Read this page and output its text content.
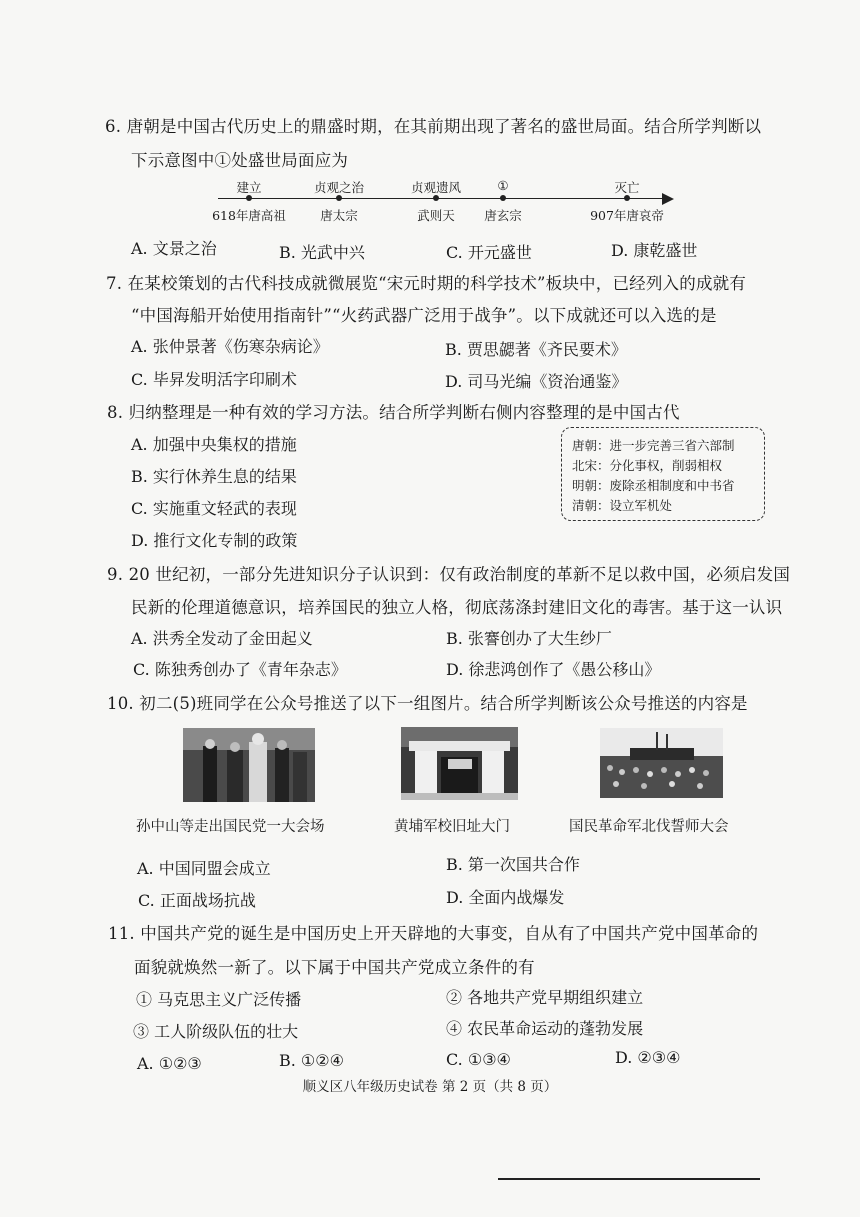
6. 唐朝是中国古代历史上的鼎盛时期，在其前期出现了著名的盛世局面。结合所学判断以
下示意图中①处盛世局面应为
建立	贞观之治	贞观遗风	①	灭亡
618年唐高祖	唐太宗	武则天 唐玄宗	907年唐哀帝
A. 文景之治	B. 光武中兴	C. 开元盛世	D. 康乾盛世
7. 在某校策划的古代科技成就微展览“宋元时期的科学技术”板块中，已经列入的成就有
“中国海船开始使用指南针”“火药武器广泛用于战争”。以下成就还可以入选的是
A. 张仲景著《伤寒杂病论》	B. 贾思勰著《齐民要术》
C. 毕昇发明活字印刷术	D. 司马光编《资治通鉴》
8. 归纳整理是一种有效的学习方法。结合所学判断右侧内容整理的是中国古代
A. 加强中央集权的措施
B. 实行休养生息的结果
C. 实施重文轻武的表现
D. 推行文化专制的政策
唐朝：进一步完善三省六部制
北宋：分化事权，削弱相权
明朝：废除丞相制度和中书省
清朝：设立军机处
9. 20 世纪初，一部分先进知识分子认识到：仅有政治制度的革新不足以救中国，必须启发国
民新的伦理道德意识，培养国民的独立人格，彻底荡涤封建旧文化的毒害。基于这一认识
A. 洪秀全发动了金田起义	B. 张謇创办了大生纱厂
C. 陈独秀创办了《青年杂志》	D. 徐悲鸿创作了《愚公移山》
10. 初二(5)班同学在公众号推送了以下一组图片。结合所学判断该公众号推送的内容是
孙中山等走出国民党一大会场	黄埔军校旧址大门	国民革命军北伐誓师大会
A. 中国同盟会成立	B. 第一次国共合作
C. 正面战场抗战	D. 全面内战爆发
11. 中国共产党的诞生是中国历史上开天辟地的大事变，自从有了中国共产党中国革命的
面貌就焕然一新了。以下属于中国共产党成立条件的有
① 马克思主义广泛传播	② 各地共产党早期组织建立
③ 工人阶级队伍的壮大	④ 农民革命运动的蓬勃发展
A. ①②③	B. ①②④	C. ①③④	D. ②③④
顺义区八年级历史试卷 第 2 页（共 8 页）
